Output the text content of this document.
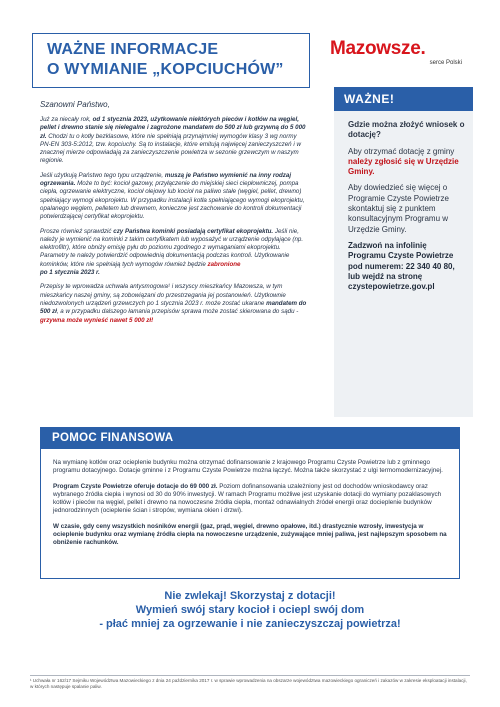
WAŻNE INFORMACJE
O WYMIANIE „KOPCIUCHÓW”
Mazowsze.
serce Polski

Szanowni Państwo,

Już za niecały rok, od 1 stycznia 2023, użytkowanie niektórych pieców i kotłów na węgiel, pellet i drewno stanie się nielegalne i zagrożone mandatem do 500 zł lub grzywną do 5 000 zł. Chodzi tu o kotły bezklasowe, które nie spełniają przynajmniej wymogów klasy 3 wg normy PN-EN 303-5:2012, tzw. kopciuchy. Są to instalacje, które emitują najwięcej zanieczyszczeń i w znacznej mierze odpowiadają za zanieczyszczenie powietrza w sezonie grzewczym w naszym regionie.

Jeśli użytkują Państwo tego typu urządzenie, muszą je Państwo wymienić na inny rodzaj ogrzewania. Może to być: kocioł gazowy, przyłączenie do miejskiej sieci ciepłowniczej, pompa ciepła, ogrzewanie elektryczne, kocioł olejowy lub kocioł na paliwo stałe (węgiel, pellet, drewno) spełniający wymogi ekoprojektu. W przypadku instalacji kotła spełniającego wymogi ekoprojektu, opalanego węglem, pelletem lub drewnem, konieczne jest zachowanie do kontroli dokumentacji potwierdzającej certyfikat ekoprojektu.

Prosze również sprawdzić czy Państwa kominki posiadają certyfikat ekoprojektu. Jeśli nie, należy je wymienić na kominki z takim certyfikatem lub wyposażyć w urządzenie odpylające (np. elektrofiltr), które obniży emisję pyłu do poziomu zgodnego z wymaganiami ekoprojektu. Parametry te należy potwierdzić odpowiednią dokumentacją podczas kontroli. Użytkowanie kominków, które nie spełniają tych wymogów również będzie zabronione
po 1 stycznia 2023 r.

Przepisy te wprowadza uchwała antysmogowa¹ i wszyscy mieszkańcy Mazowsza, w tym mieszkańcy naszej gminy, są zobowiązani do przestrzegania jej postanowień. Użytkownie niedozwolonych urządzeń grzewczych po 1 stycznia 2023 r. może zostać ukarane mandatem do 500 zł, a w przypadku dalszego łamania przepisów sprawa może zostać skierowana do sądu - grzywna może wynieść nawet 5 000 zł!

WAŻNE!

Gdzie można złożyć wniosek o dotację?

Aby otrzymać dotację z gminy należy zgłosić się w Urzędzie Gminy.

Aby dowiedzieć się więcej o Programie Czyste Powietrze skontaktuj się z punktem konsultacyjnym Programu w Urzędzie Gminy.

Zadzwoń na infolinię Programu Czyste Powietrze pod numerem: 22 340 40 80, lub wejdź na stronę czystepowietrze.gov.pl

POMOC FINANSOWA

Na wymianę kotłów oraz ocieplenie budynku można otrzymać dofinansowanie z krajowego Programu Czyste Powietrze lub z gminnego programu dotacyjnego. Dotacje gminne i z Programu Czyste Powietrze można łączyć. Można także skorzystać z ulgi termomodernizacyjnej.

Program Czyste Powietrze oferuje dotacje do 69 000 zł. Poziom dofinansowania uzależniony jest od dochodów wnioskodawcy oraz wybranego źródła ciepła i wynosi od 30 do 90% inwestycji. W ramach Programu możliwe jest uzyskanie dotacji do wymiany pozaklasowych kotłów i pieców na węgiel, pellet i drewno na nowoczesne źródła ciepła, montaż odnawialnych źródeł energii oraz docieplenie budynków jednorodzinnych (ocieplenie ścian i stropów, wymiana okien i drzwi).

W czasie, gdy ceny wszystkich nośników energii (gaz, prąd, węgiel, drewno opałowe, itd.) drastycznie wzrosły, inwestycja w ocieplenie budynku oraz wymianę źródła ciepła na nowoczesne urządzenie, zużywające mniej paliwa, jest najlepszym sposobem na obniżenie rachunków.

Nie zwlekaj! Skorzystaj z dotacji!
Wymień swój stary kocioł i ociepl swój dom
- płać mniej za ogrzewanie i nie zanieczyszczaj powietrza!
¹ Uchwała nr 162/17 Sejmiku Województwa Mazowieckiego z dnia 24 października 2017 r. w sprawie wprowadzenia na obszarze województwa mazowieckiego ograniczeń i zakazów w zakresie eksploatacji instalacji, w których następuje spalanie paliw.
